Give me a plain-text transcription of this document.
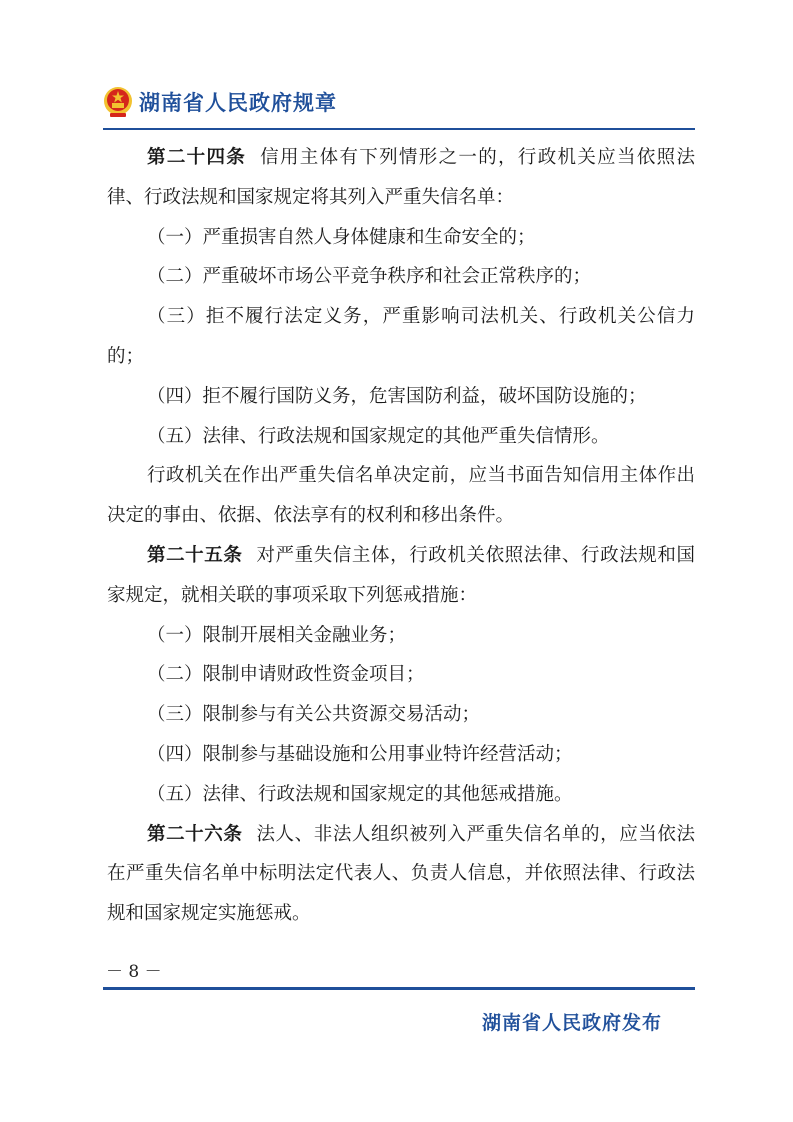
湖南省人民政府规章

第二十四条 信用主体有下列情形之一的，行政机关应当依照法律、行政法规和国家规定将其列入严重失信名单：

（一）严重损害自然人身体健康和生命安全的；

（二）严重破坏市场公平竞争秩序和社会正常秩序的；

（三）拒不履行法定义务，严重影响司法机关、行政机关公信力的；

（四）拒不履行国防义务，危害国防利益，破坏国防设施的；

（五）法律、行政法规和国家规定的其他严重失信情形。

行政机关在作出严重失信名单决定前，应当书面告知信用主体作出决定的事由、依据、依法享有的权利和移出条件。

第二十五条 对严重失信主体，行政机关依照法律、行政法规和国家规定，就相关联的事项采取下列惩戒措施：

（一）限制开展相关金融业务；

（二）限制申请财政性资金项目；

（三）限制参与有关公共资源交易活动；

（四）限制参与基础设施和公用事业特许经营活动；

（五）法律、行政法规和国家规定的其他惩戒措施。

第二十六条 法人、非法人组织被列入严重失信名单的，应当依法在严重失信名单中标明法定代表人、负责人信息，并依照法律、行政法规和国家规定实施惩戒。

－ 8 －
湖南省人民政府发布
